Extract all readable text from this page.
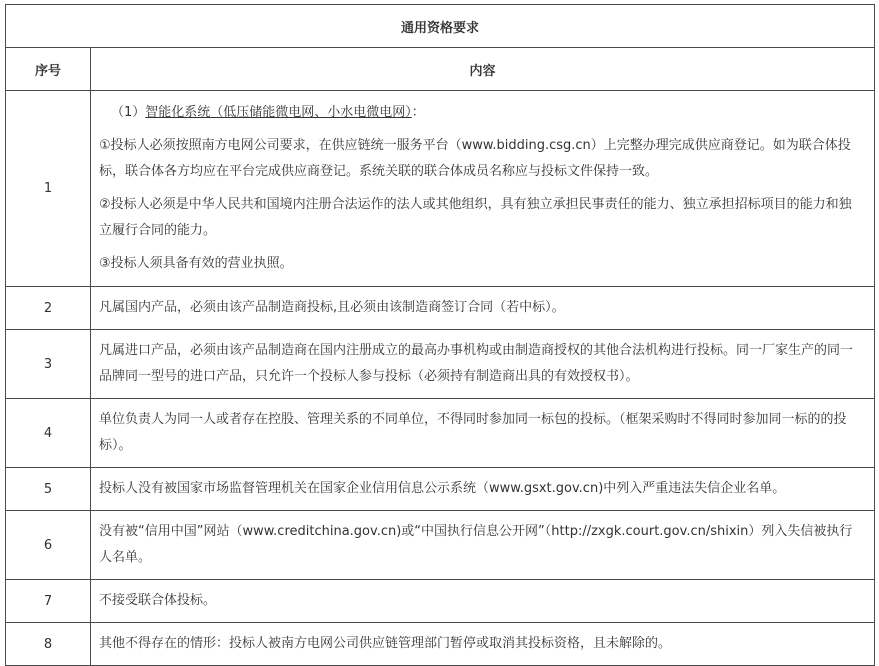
通用资格要求	
序号	内容
1	（1）智能化系统（低压储能微电网、小水电微电网）：
①投标人必须按照南方电网公司要求，在供应链统一服务平台（www.bidding.csg.cn）上完整办理完成供应商登记。如为联合体投标，联合体各方均应在平台完成供应商登记。系统关联的联合体成员名称应与投标文件保持一致。
②投标人必须是中华人民共和国境内注册合法运作的法人或其他组织，具有独立承担民事责任的能力、独立承担招标项目的能力和独立履行合同的能力。
③投标人须具备有效的营业执照。

2	凡属国内产品，必须由该产品制造商投标,且必须由该制造商签订合同（若中标）。
3	凡属进口产品，必须由该产品制造商在国内注册成立的最高办事机构或由制造商授权的其他合法机构进行投标。同一厂家生产的同一品牌同一型号的进口产品，只允许一个投标人参与投标（必须持有制造商出具的有效授权书）。
4	单位负责人为同一人或者存在控股、管理关系的不同单位，不得同时参加同一标包的投标。（框架采购时不得同时参加同一标的的投标）。
5	投标人没有被国家市场监督管理机关在国家企业信用信息公示系统（www.gsxt.gov.cn)中列入严重违法失信企业名单。
6	没有被“信用中国”网站（www.creditchina.gov.cn)或“中国执行信息公开网”（http://zxgk.court.gov.cn/shixin）列入失信被执行人名单。
7	不接受联合体投标。
8	其他不得存在的情形：投标人被南方电网公司供应链管理部门暂停或取消其投标资格，且未解除的。
